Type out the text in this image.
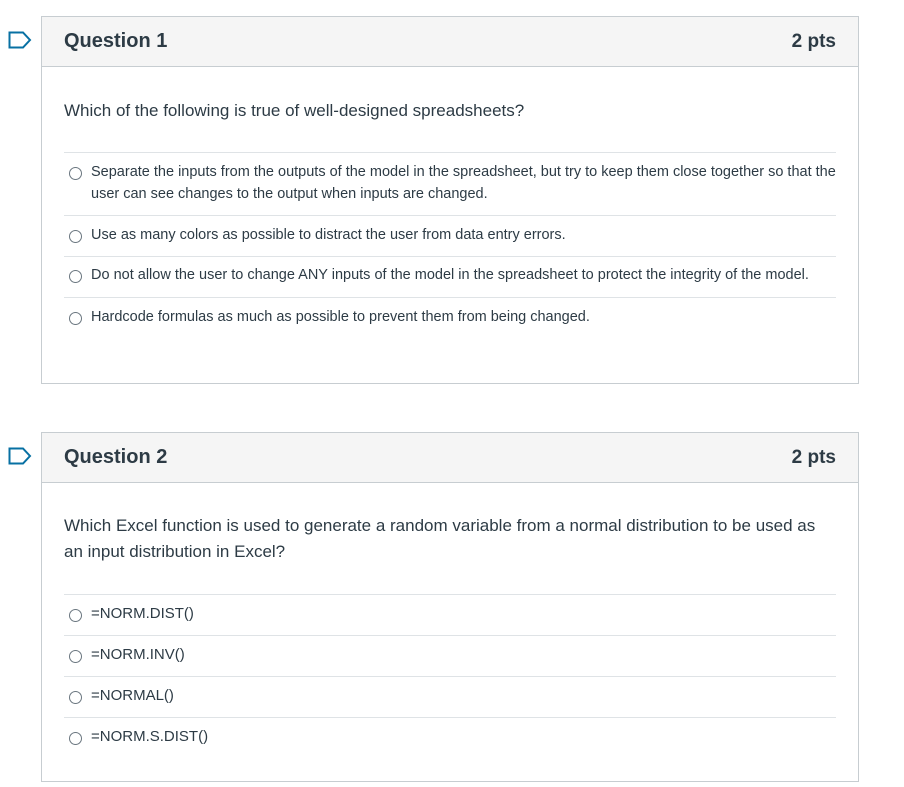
Question 1	2 pts
Which of the following is true of well-designed spreadsheets?
Separate the inputs from the outputs of the model in the spreadsheet, but try to keep them close together so that the user can see changes to the output when inputs are changed.
Use as many colors as possible to distract the user from data entry errors.
Do not allow the user to change ANY inputs of the model in the spreadsheet to protect the integrity of the model.
Hardcode formulas as much as possible to prevent them from being changed.
Question 2	2 pts
Which Excel function is used to generate a random variable from a normal distribution to be used as an input distribution in Excel?
=NORM.DIST()
=NORM.INV()
=NORMAL()
=NORM.S.DIST()
